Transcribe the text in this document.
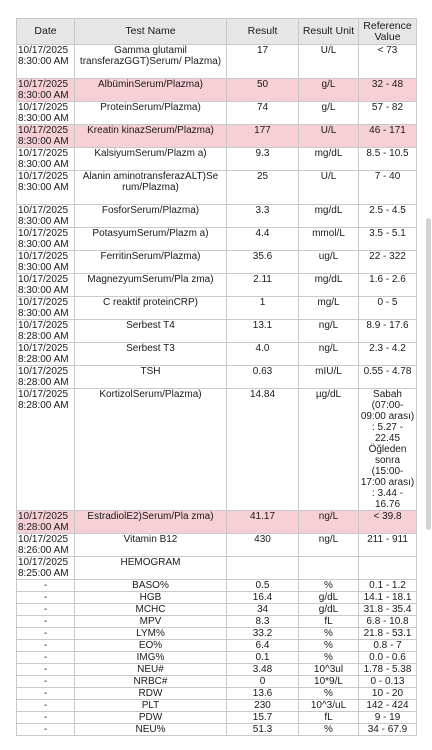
Date	Test Name	Result	Result Unit	Reference Value
10/17/2025 8:30:00 AM	Gamma glutamil transferazGGT)Serum/ Plazma)	17	U/L	< 73
10/17/2025 8:30:00 AM	AlbüminSerum/Plazma)	50	g/L	32 - 48
10/17/2025 8:30:00 AM	ProteinSerum/Plazma)	74	g/L	57 - 82
10/17/2025 8:30:00 AM	Kreatin kinazSerum/Plazma)	177	U/L	46 - 171
10/17/2025 8:30:00 AM	KalsiyumSerum/Plazm a)	9.3	mg/dL	8.5 - 10.5
10/17/2025 8:30:00 AM	Alanin aminotransferazALT)Se rum/Plazma)	25	U/L	7 - 40
10/17/2025 8:30:00 AM	FosforSerum/Plazma)	3.3	mg/dL	2.5 - 4.5
10/17/2025 8:30:00 AM	PotasyumSerum/Plazm a)	4.4	mmol/L	3.5 - 5.1
10/17/2025 8:30:00 AM	FerritinSerum/Plazma)	35.6	ug/L	22 - 322
10/17/2025 8:30:00 AM	MagnezyumSerum/Pla zma)	2.11	mg/dL	1.6 - 2.6
10/17/2025 8:30:00 AM	C reaktif proteinCRP)	1	mg/L	0 - 5
10/17/2025 8:28:00 AM	Serbest T4	13.1	ng/L	8.9 - 17.6
10/17/2025 8:28:00 AM	Serbest T3	4.0	ng/L	2.3 - 4.2
10/17/2025 8:28:00 AM	TSH	0.63	mIU/L	0.55 - 4.78
10/17/2025 8:28:00 AM	KortizolSerum/Plazma)	14.84	µg/dL	Sabah (07:00-09:00 arası) : 5.27 - 22.45 Öğleden sonra (15:00-17:00 arası) : 3.44 - 16.76
10/17/2025 8:28:00 AM	EstradiolE2)Serum/Pla zma)	41.17	ng/L	< 39.8
10/17/2025 8:26:00 AM	Vitamin B12	430	ng/L	211 - 911
10/17/2025 8:25:00 AM	HEMOGRAM			
-	BASO%	0.5	%	0.1 - 1.2
-	HGB	16.4	g/dL	14.1 - 18.1
-	MCHC	34	g/dL	31.8 - 35.4
-	MPV	8.3	fL	6.8 - 10.8
-	LYM%	33.2	%	21.8 - 53.1
-	EO%	6.4	%	0.8 - 7
-	IMG%	0.1	%	0.0 - 0.6
-	NEU#	3.48	10^3ul	1.78 - 5.38
-	NRBC#	0	10*9/L	0 - 0.13
-	RDW	13.6	%	10 - 20
-	PLT	230	10^3/uL	142 - 424
-	PDW	15.7	fL	9 - 19
-	NEU%	51.3	%	34 - 67.9
